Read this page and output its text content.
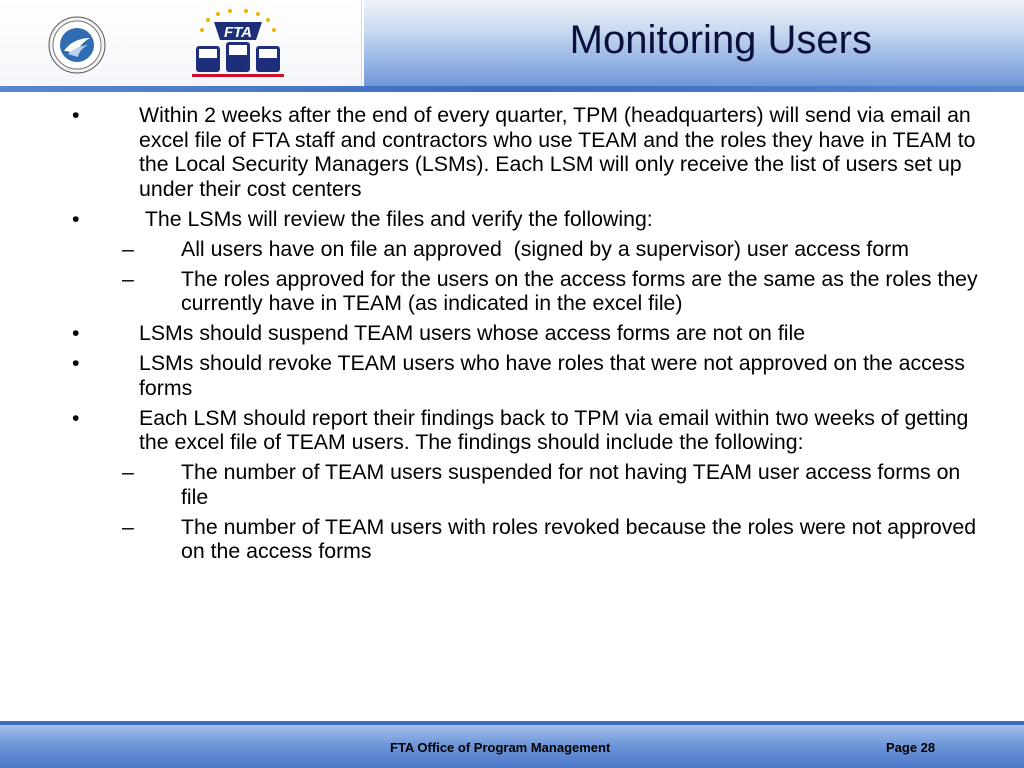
FTA	Monitoring Users
•	Within 2 weeks after the end of every quarter, TPM (headquarters) will send via email an excel file of FTA staff and contractors who use TEAM and the roles they have in TEAM to the Local Security Managers (LSMs). Each LSM will only receive the list of users set up under their cost centers
•	The LSMs will review the files and verify the following:
– All users have on file an approved  (signed by a supervisor) user access form
– The roles approved for the users on the access forms are the same as the roles they currently have in TEAM (as indicated in the excel file)
•	LSMs should suspend TEAM users whose access forms are not on file
•	LSMs should revoke TEAM users who have roles that were not approved on the access forms
•	Each LSM should report their findings back to TPM via email within two weeks of getting the excel file of TEAM users. The findings should include the following:
– The number of TEAM users suspended for not having TEAM user access forms on file
– The number of TEAM users with roles revoked because the roles were not approved on the access forms
FTA Office of Program Management	Page 28
